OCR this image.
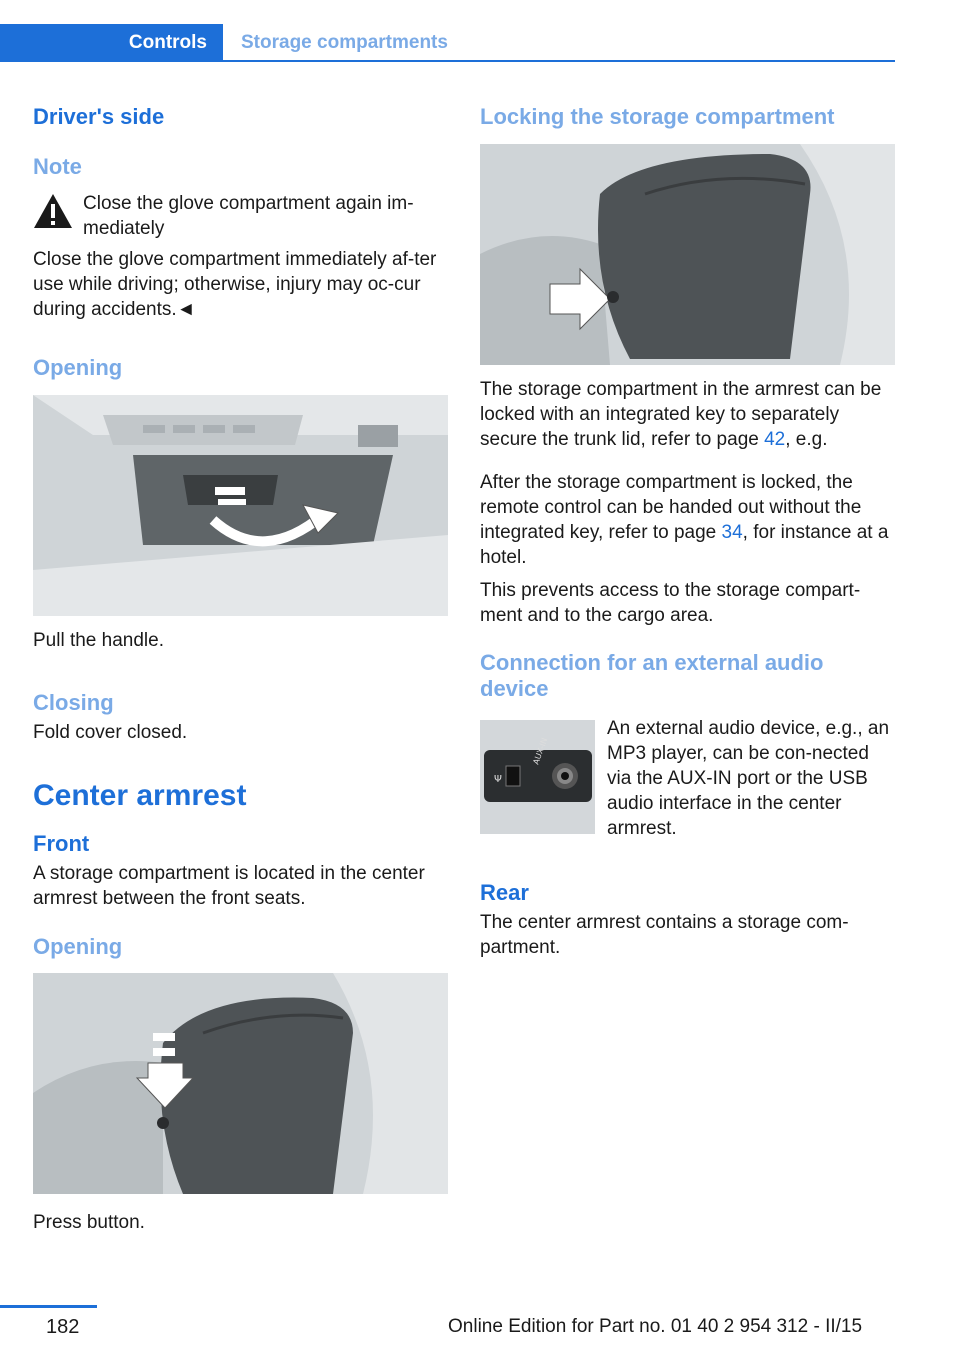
Controls	Storage compartments
Driver's side
Note

Close the glove compartment again im-mediately

Close the glove compartment immediately af-ter use while driving; otherwise, injury may oc-cur during accidents.◄

Opening

Pull the handle.

Closing

Fold cover closed.

Center armrest
Front

A storage compartment is located in the center armrest between the front seats.

Opening

Press button.

Locking the storage compartment

The storage compartment in the armrest can be locked with an integrated key to separately secure the trunk lid, refer to page 42, e.g.

After the storage compartment is locked, the remote control can be handed out without the integrated key, refer to page 34, for instance at a hotel.

This prevents access to the storage compart-ment and to the cargo area.

Connection for an external audio device
Ψ
AUX-IN

An external audio device, e.g., an MP3 player, can be con-nected via the AUX-IN port or the USB audio interface in the center armrest.

Rear

The center armrest contains a storage com-partment.

182	Online Edition for Part no. 01 40 2 954 312 - II/15
